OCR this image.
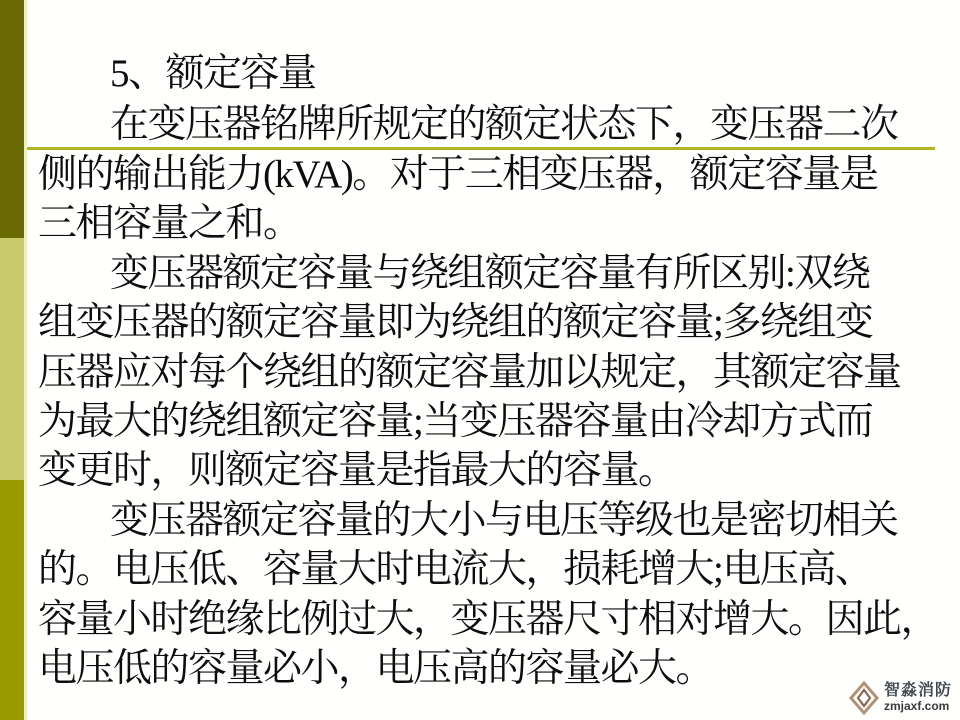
5、额定容量
在变压器铭牌所规定的额定状态下，变压器二次
侧的输出能力(kVA)。对于三相变压器，额定容量是
三相容量之和。
变压器额定容量与绕组额定容量有所区别:双绕
组变压器的额定容量即为绕组的额定容量;多绕组变
压器应对每个绕组的额定容量加以规定，其额定容量
为最大的绕组额定容量;当变压器容量由冷却方式而
变更时，则额定容量是指最大的容量。
变压器额定容量的大小与电压等级也是密切相关
的。电压低、容量大时电流大，损耗增大;电压高、
容量小时绝缘比例过大，变压器尺寸相对增大。因此，
电压低的容量必小，电压高的容量必大。
智淼消防
zmjaxf.com
